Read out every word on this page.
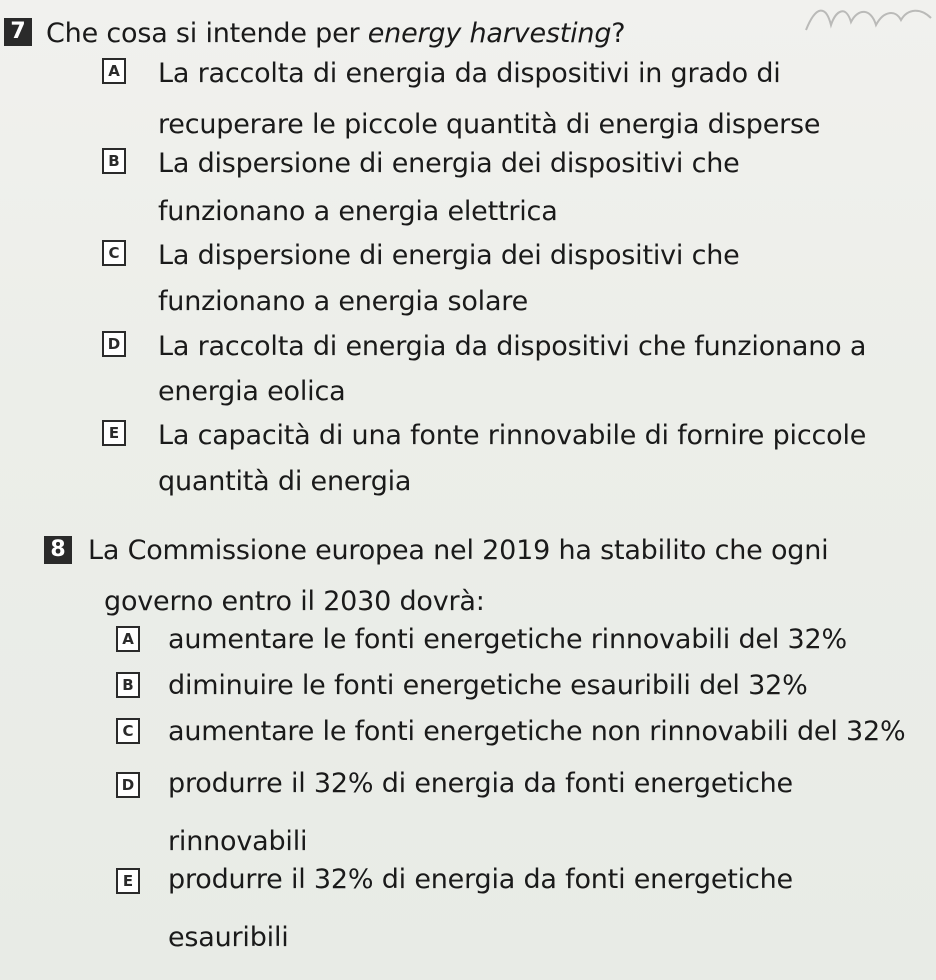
7 Che cosa si intende per energy harvesting?
A La raccolta di energia da dispositivi in grado di
recuperare le piccole quantità di energia disperse
B La dispersione di energia dei dispositivi che
funzionano a energia elettrica
C La dispersione di energia dei dispositivi che
funzionano a energia solare
D La raccolta di energia da dispositivi che funzionano a
energia eolica
E La capacità di una fonte rinnovabile di fornire piccole
quantità di energia
8 La Commissione europea nel 2019 ha stabilito che ogni
governo entro il 2030 dovrà:
A aumentare le fonti energetiche rinnovabili del 32%
B diminuire le fonti energetiche esauribili del 32%
C aumentare le fonti energetiche non rinnovabili del 32%
D produrre il 32% di energia da fonti energetiche
rinnovabili
E produrre il 32% di energia da fonti energetiche
esauribili
